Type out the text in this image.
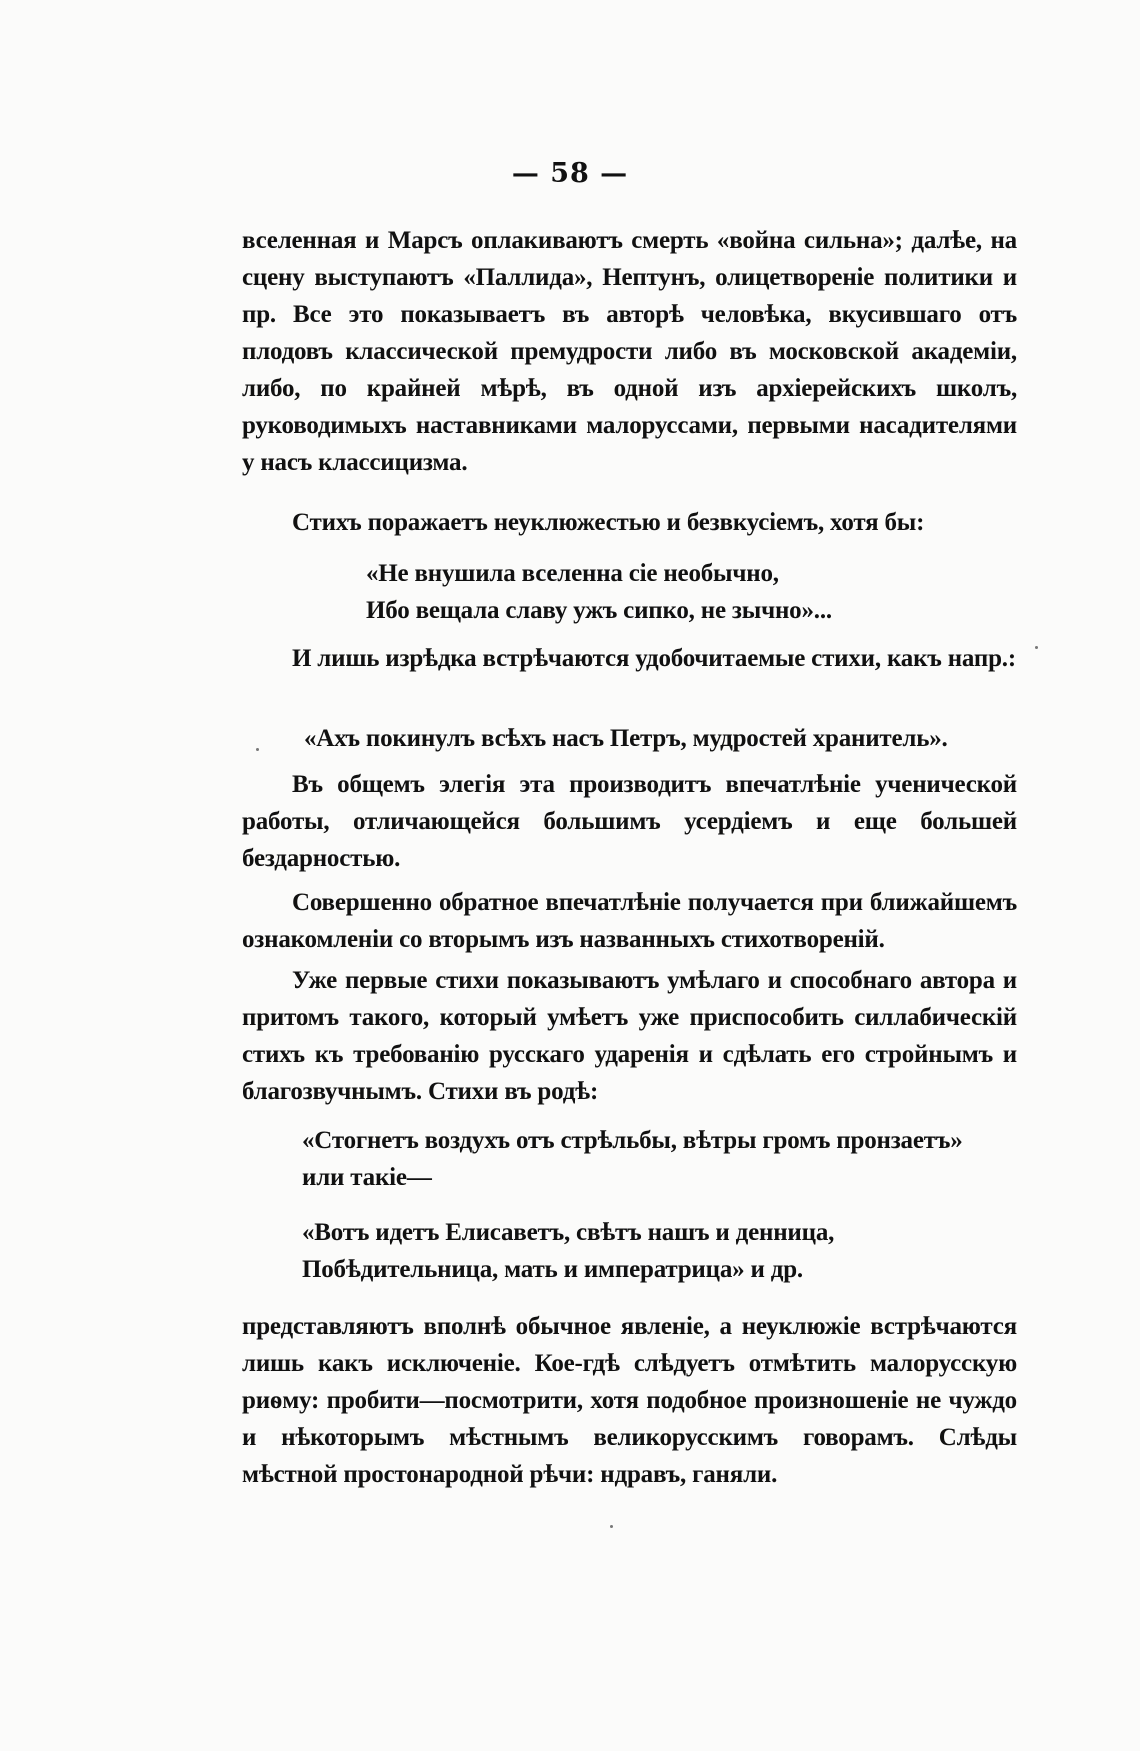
— 58 —

вселенная и Марсъ оплакиваютъ смерть «война сильна»; далѣе, на сцену выступаютъ «Паллида», Нептунъ, олицетвореніе политики и пр. Все это показываетъ въ авторѣ человѣка, вкусившаго отъ плодовъ классической премудрости либо въ московской академіи, либо, по крайней мѣрѣ, въ одной изъ архіерейскихъ школъ, руководимыхъ наставниками малоруссами, первыми насадителями у насъ классицизма.

Стихъ поражаетъ неуклюжестью и безвкусіемъ, хотя бы:

«Не внушила вселенна сіе необычно,
Ибо вещала славу ужъ сипко, не зычно»...

И лишь изрѣдка встрѣчаются удобочитаемые стихи, какъ напр.:

«Ахъ покинулъ всѣхъ насъ Петръ, мудростей хранитель».

Въ общемъ элегія эта производитъ впечатлѣніе ученической работы, отличающейся большимъ усердіемъ и еще большей бездарностью.

Совершенно обратное впечатлѣніе получается при ближайшемъ ознакомленіи со вторымъ изъ названныхъ стихотвореній.

Уже первые стихи показываютъ умѣлаго и способнаго автора и притомъ такого, который умѣетъ уже приспособить силлабическій стихъ къ требованію русскаго ударенія и сдѣлать его стройнымъ и благозвучнымъ. Стихи въ родѣ:

«Стогнетъ воздухъ отъ стрѣльбы, вѣтры громъ пронзаетъ»
или такіе—
«Вотъ идетъ Елисаветъ, свѣтъ нашъ и денница,
Побѣдительница, мать и императрица» и др.

представляютъ вполнѣ обычное явленіе, а неуклюжіе встрѣчаются лишь какъ исключеніе. Кое-гдѣ слѣдуетъ отмѣтить малорусскую риѳму: пробити—посмотрити, хотя подобное произношеніе не чуждо и нѣкоторымъ мѣстнымъ великорусскимъ говорамъ. Слѣды мѣстной простонародной рѣчи: ндравъ, ганяли.
